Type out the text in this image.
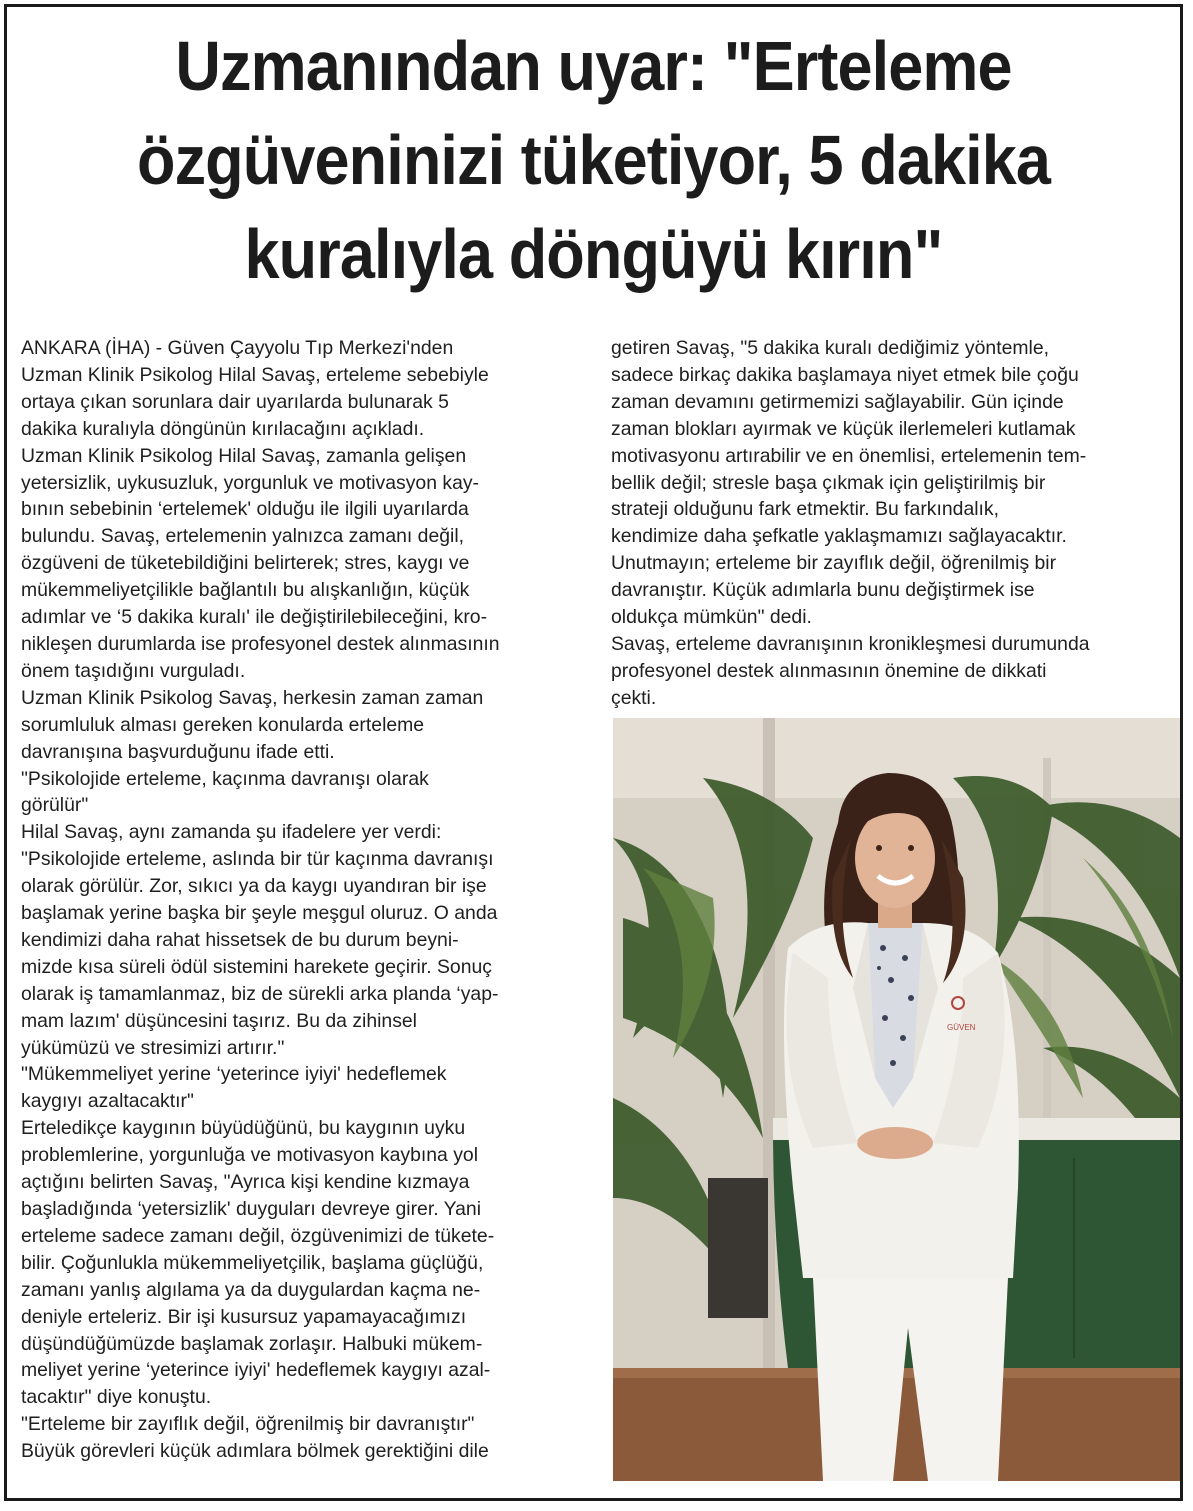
Uzmanından uyar: "Erteleme
özgüveninizi tüketiyor, 5 dakika
kuralıyla döngüyü kırın"
ANKARA (İHA) - Güven Çayyolu Tıp Merkezi'nden
Uzman Klinik Psikolog Hilal Savaş, erteleme sebebiyle
ortaya çıkan sorunlara dair uyarılarda bulunarak 5
dakika kuralıyla döngünün kırılacağını açıkladı.
Uzman Klinik Psikolog Hilal Savaş, zamanla gelişen
yetersizlik, uykusuzluk, yorgunluk ve motivasyon kay-
bının sebebinin ‘ertelemek' olduğu ile ilgili uyarılarda
bulundu. Savaş, ertelemenin yalnızca zamanı değil,
özgüveni de tüketebildiğini belirterek; stres, kaygı ve
mükemmeliyetçilikle bağlantılı bu alışkanlığın, küçük
adımlar ve ‘5 dakika kuralı' ile değiştirilebileceğini, kro-
nikleşen durumlarda ise profesyonel destek alınmasının
önem taşıdığını vurguladı.
Uzman Klinik Psikolog Savaş, herkesin zaman zaman
sorumluluk alması gereken konularda erteleme
davranışına başvurduğunu ifade etti.
"Psikolojide erteleme, kaçınma davranışı olarak
görülür"
Hilal Savaş, aynı zamanda şu ifadelere yer verdi:
"Psikolojide erteleme, aslında bir tür kaçınma davranışı
olarak görülür. Zor, sıkıcı ya da kaygı uyandıran bir işe
başlamak yerine başka bir şeyle meşgul oluruz. O anda
kendimizi daha rahat hissetsek de bu durum beyni-
mizde kısa süreli ödül sistemini harekete geçirir. Sonuç
olarak iş tamamlanmaz, biz de sürekli arka planda ‘yap-
mam lazım' düşüncesini taşırız. Bu da zihinsel
yükümüzü ve stresimizi artırır."
"Mükemmeliyet yerine ‘yeterince iyiyi' hedeflemek
kaygıyı azaltacaktır"
Erteledikçe kaygının büyüdüğünü, bu kaygının uyku
problemlerine, yorgunluğa ve motivasyon kaybına yol
açtığını belirten Savaş, "Ayrıca kişi kendine kızmaya
başladığında ‘yetersizlik' duyguları devreye girer. Yani
erteleme sadece zamanı değil, özgüvenimizi de tükete-
bilir. Çoğunlukla mükemmeliyetçilik, başlama güçlüğü,
zamanı yanlış algılama ya da duygulardan kaçma ne-
deniyle erteleriz. Bir işi kusursuz yapamayacağımızı
düşündüğümüzde başlamak zorlaşır. Halbuki mükem-
meliyet yerine ‘yeterince iyiyi' hedeflemek kaygıyı azal-
tacaktır" diye konuştu.
"Erteleme bir zayıflık değil, öğrenilmiş bir davranıştır"
Büyük görevleri küçük adımlara bölmek gerektiğini dile
getiren Savaş, "5 dakika kuralı dediğimiz yöntemle,
sadece birkaç dakika başlamaya niyet etmek bile çoğu
zaman devamını getirmemizi sağlayabilir. Gün içinde
zaman blokları ayırmak ve küçük ilerlemeleri kutlamak
motivasyonu artırabilir ve en önemlisi, ertelemenin tem-
bellik değil; stresle başa çıkmak için geliştirilmiş bir
strateji olduğunu fark etmektir. Bu farkındalık,
kendimize daha şefkatle yaklaşmamızı sağlayacaktır.
Unutmayın; erteleme bir zayıflık değil, öğrenilmiş bir
davranıştır. Küçük adımlarla bunu değiştirmek ise
oldukça mümkün" dedi.
Savaş, erteleme davranışının kronikleşmesi durumunda
profesyonel destek alınmasının önemine de dikkati
çekti.
GÜVEN
